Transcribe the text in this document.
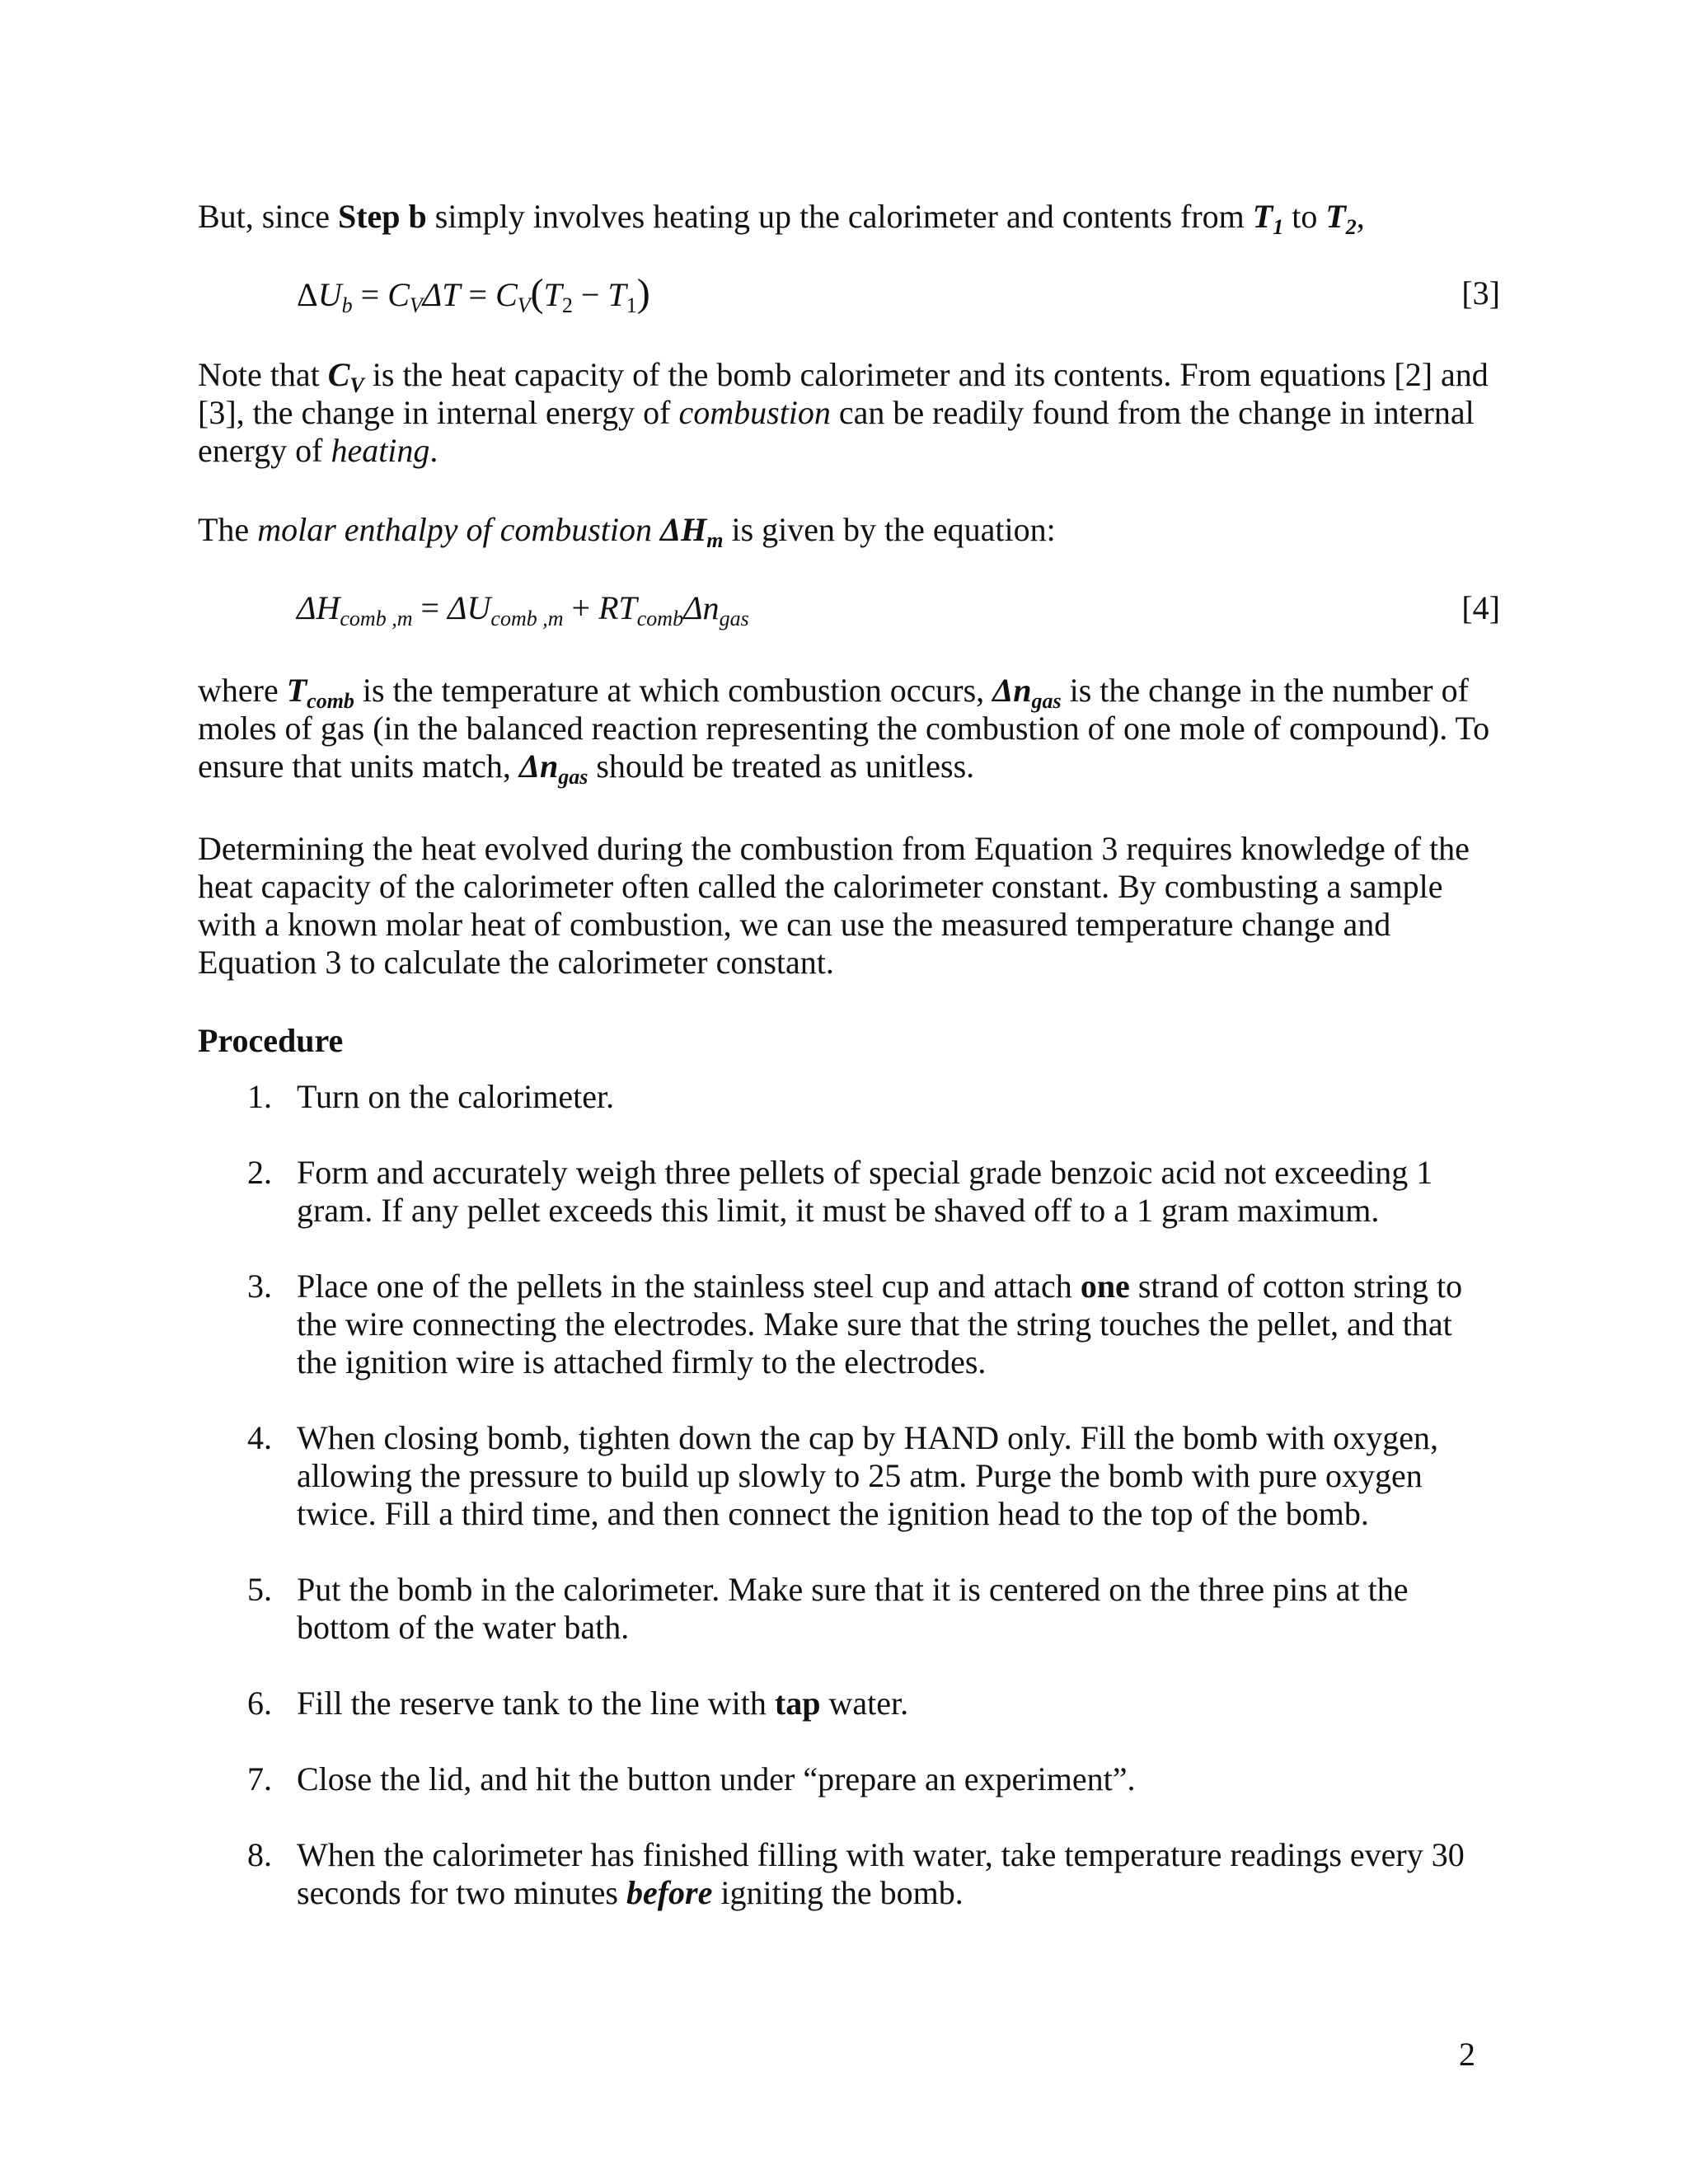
But, since Step b simply involves heating up the calorimeter and contents from $T_1$ to $T_2$,

$\Delta U_b = C_V\Delta T = C_V(T_2 - T_1)$	[3]

Note that $C_V$ is the heat capacity of the bomb calorimeter and its contents. From equations [2] and [3], the change in internal energy of combustion can be readily found from the change in internal energy of heating.

The molar enthalpy of combustion $\Delta H_m$ is given by the equation:

$\Delta H_{comb ,m} = \Delta U_{comb ,m} + RT_{comb}\Delta n_{gas}$	[4]

where $T_{comb}$ is the temperature at which combustion occurs, $\Delta n_{gas}$ is the change in the number of moles of gas (in the balanced reaction representing the combustion of one mole of compound). To ensure that units match, $\Delta n_{gas}$ should be treated as unitless.

Determining the heat evolved during the combustion from Equation 3 requires knowledge of the heat capacity of the calorimeter often called the calorimeter constant. By combusting a sample with a known molar heat of combustion, we can use the measured temperature change and Equation 3 to calculate the calorimeter constant.

Procedure

1. Turn on the calorimeter.
2. Form and accurately weigh three pellets of special grade benzoic acid not exceeding 1 gram. If any pellet exceeds this limit, it must be shaved off to a 1 gram maximum.
3. Place one of the pellets in the stainless steel cup and attach one strand of cotton string to the wire connecting the electrodes. Make sure that the string touches the pellet, and that the ignition wire is attached firmly to the electrodes.
4. When closing bomb, tighten down the cap by HAND only. Fill the bomb with oxygen, allowing the pressure to build up slowly to 25 atm. Purge the bomb with pure oxygen twice. Fill a third time, and then connect the ignition head to the top of the bomb.
5. Put the bomb in the calorimeter. Make sure that it is centered on the three pins at the bottom of the water bath.
6. Fill the reserve tank to the line with tap water.
7. Close the lid, and hit the button under “prepare an experiment”.
8. When the calorimeter has finished filling with water, take temperature readings every 30 seconds for two minutes before igniting the bomb.
2
